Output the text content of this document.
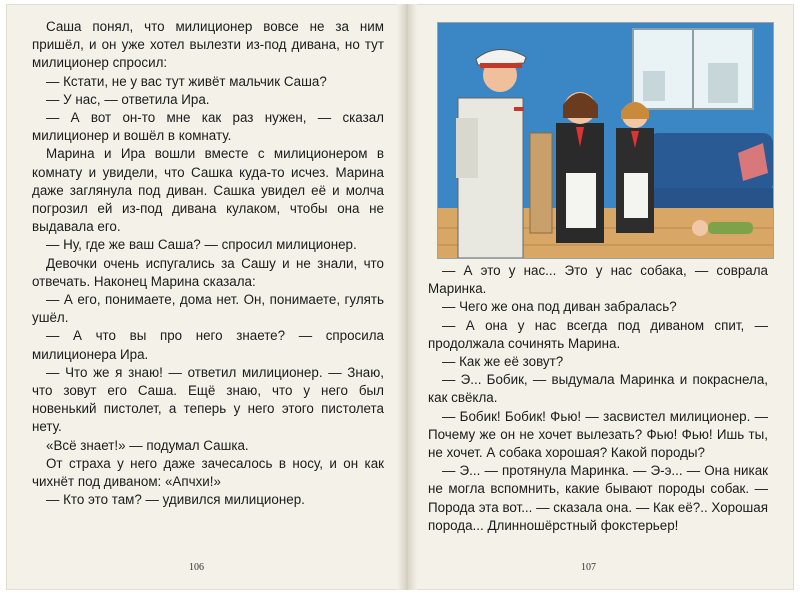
Саша понял, что милиционер вовсе не за ним пришёл, и он уже хотел вылезти из-под дивана, но тут милиционер спросил:

— Кстати, не у вас тут живёт мальчик Саша?

— У нас, — ответила Ира.

— А вот он-то мне как раз нужен, — сказал милиционер и вошёл в комнату.

Марина и Ира вошли вместе с милиционером в комнату и увидели, что Сашка куда-то исчез. Марина даже заглянула под диван. Сашка увидел её и молча погрозил ей из-под дивана кулаком, чтобы она не выдавала его.

— Ну, где же ваш Саша? — спросил милиционер.

Девочки очень испугались за Сашу и не знали, что отвечать. Наконец Марина сказала:

— А его, понимаете, дома нет. Он, понимаете, гулять ушёл.

— А что вы про него знаете? — спросила милиционера Ира.

— Что же я знаю! — ответил милиционер. — Знаю, что зовут его Саша. Ещё знаю, что у него был новенький пистолет, а теперь у него этого пистолета нету.

«Всё знает!» — подумал Сашка.

От страха у него даже зачесалось в носу, и он как чихнёт под диваном: «Апчхи!»

— Кто это там? — удивился милиционер.

106

— А это у нас... Это у нас собака, — соврала Маринка.

— Чего же она под диван забралась?

— А она у нас всегда под диваном спит, — продолжала сочинять Марина.

— Как же её зовут?

— Э... Бобик, — выдумала Маринка и покраснела, как свёкла.

— Бобик! Бобик! Фью! — засвистел милиционер. — Почему же он не хочет вылезать? Фью! Фью! Ишь ты, не хочет. А собака хорошая? Какой породы?

— Э... — протянула Маринка. — Э-э... — Она никак не могла вспомнить, какие бывают породы собак. — Порода эта вот... — сказала она. — Как её?.. Хорошая порода... Длинношёрстный фокстерьер!

107
